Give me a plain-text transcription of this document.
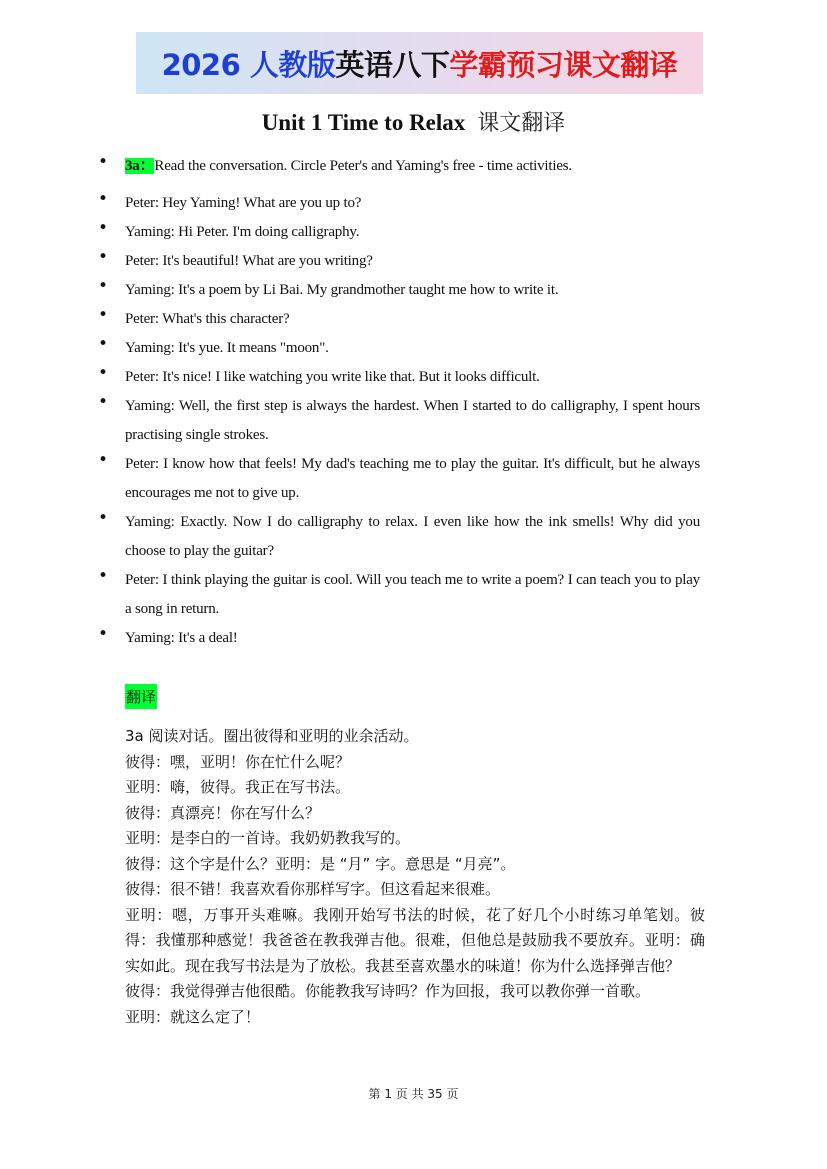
2026 人教版 英语八下 学霸预习课文翻译
Unit 1 Time to Relax 课文翻译
• 3a：Read the conversation. Circle Peter's and Yaming's free - time activities.
• Peter: Hey Yaming! What are you up to?
• Yaming: Hi Peter. I'm doing calligraphy.
• Peter: It's beautiful! What are you writing?
• Yaming: It's a poem by Li Bai. My grandmother taught me how to write it.
• Peter: What's this character?
• Yaming: It's yue. It means "moon".
• Peter: It's nice! I like watching you write like that. But it looks difficult.
• Yaming: Well, the first step is always the hardest. When I started to do calligraphy, I spent hours practising single strokes.
• Peter: I know how that feels! My dad's teaching me to play the guitar. It's difficult, but he always encourages me not to give up.
• Yaming: Exactly. Now I do calligraphy to relax. I even like how the ink smells! Why did you choose to play the guitar?
• Peter: I think playing the guitar is cool. Will you teach me to write a poem? I can teach you to play a song in return.
• Yaming: It's a deal!
翻译

3a 阅读对话。圈出彼得和亚明的业余活动。

彼得：嘿，亚明！你在忙什么呢？

亚明：嗨，彼得。我正在写书法。

彼得：真漂亮！你在写什么？

亚明：是李白的一首诗。我奶奶教我写的。

彼得：这个字是什么？亚明：是 “月” 字。意思是 “月亮”。

彼得：很不错！我喜欢看你那样写字。但这看起来很难。

亚明：嗯，万事开头难嘛。我刚开始写书法的时候，花了好几个小时练习单笔划。彼得：我懂那种感觉！我爸爸在教我弹吉他。很难，但他总是鼓励我不要放弃。亚明：确实如此。现在我写书法是为了放松。我甚至喜欢墨水的味道！你为什么选择弹吉他？

彼得：我觉得弹吉他很酷。你能教我写诗吗？作为回报，我可以教你弹一首歌。

亚明：就这么定了！

第 1 页 共 35 页
